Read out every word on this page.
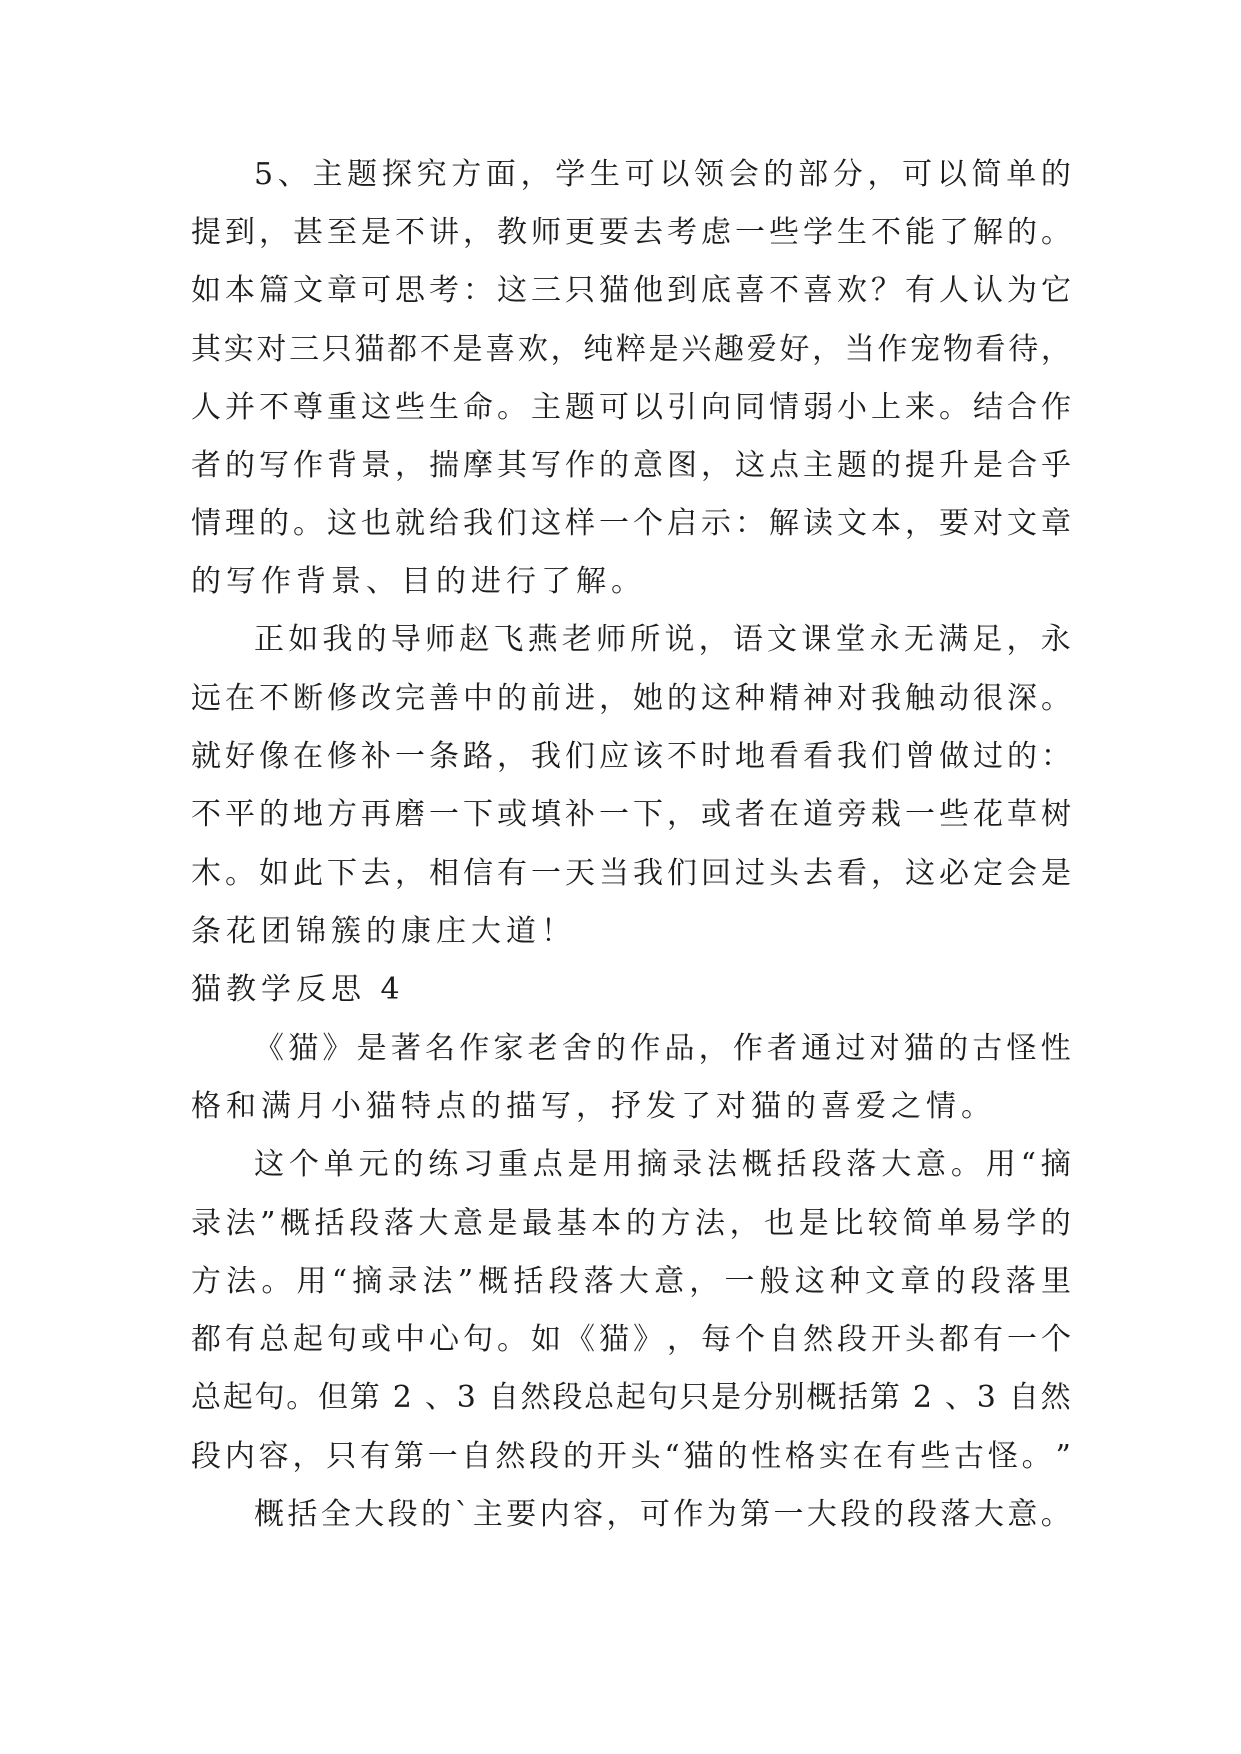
5 、 主 题 探 究 方 面 ， 学 生 可 以 领 会 的 部 分 ， 可 以 简 单 的
提 到 ， 甚 至 是 不 讲 ， 教 师 更 要 去 考 虑 一 些 学 生 不 能 了 解 的 。
如 本 篇 文 章 可 思 考 ： 这 三 只 猫 他 到 底 喜 不 喜 欢 ？ 有 人 认 为 它
其 实 对 三 只 猫 都 不 是 喜 欢 ， 纯 粹 是 兴 趣 爱 好 ， 当 作 宠 物 看 待 ，
人 并 不 尊 重 这 些 生 命 。 主 题 可 以 引 向 同 情 弱 小 上 来 。 结 合 作
者 的 写 作 背 景 ， 揣 摩 其 写 作 的 意 图 ， 这 点 主 题 的 提 升 是 合 乎
情 理 的 。 这 也 就 给 我 们 这 样 一 个 启 示 ： 解 读 文 本 ， 要 对 文 章
的写作背景、目的进行了解。
正 如 我 的 导 师 赵 飞 燕 老 师 所 说 ， 语 文 课 堂 永 无 满 足 ， 永
远 在 不 断 修 改 完 善 中 的 前 进 ， 她 的 这 种 精 神 对 我 触 动 很 深 。
就 好 像 在 修 补 一 条 路 ， 我 们 应 该 不 时 地 看 看 我 们 曾 做 过 的 ：
不 平 的 地 方 再 磨 一 下 或 填 补 一 下 ， 或 者 在 道 旁 栽 一 些 花 草 树
木 。 如 此 下 去 ， 相 信 有 一 天 当 我 们 回 过 头 去 看 ， 这 必 定 会 是
条花团锦簇的康庄大道！
猫教学反思 4
《 猫 》 是 著 名 作 家 老 舍 的 作 品 ， 作 者 通 过 对 猫 的 古 怪 性
格和满月小猫特点的描写，抒发了对猫的喜爱之情。
这 个 单 元 的 练 习 重 点 是 用 摘 录 法 概 括 段 落 大 意 。 用 “ 摘
录 法 ” 概 括 段 落 大 意 是 最 基 本 的 方 法 ， 也 是 比 较 简 单 易 学 的
方 法 。 用 “ 摘 录 法 ” 概 括 段 落 大 意 ， 一 般 这 种 文 章 的 段 落 里
都 有 总 起 句 或 中 心 句 。 如 《 猫 》 ， 每 个 自 然 段 开 头 都 有 一 个
总 起 句 。 但 第
2
、 3
自 然 段 总 起 句 只 是 分 别 概 括 第
2
、 3
自 然
段 内 容 ， 只 有 第 一 自 然 段 的 开 头 “ 猫 的 性 格 实 在 有 些 古 怪 。 ”
概 括 全 大 段 的 ` 主 要 内 容 ， 可 作 为 第 一 大 段 的 段 落 大 意 。
